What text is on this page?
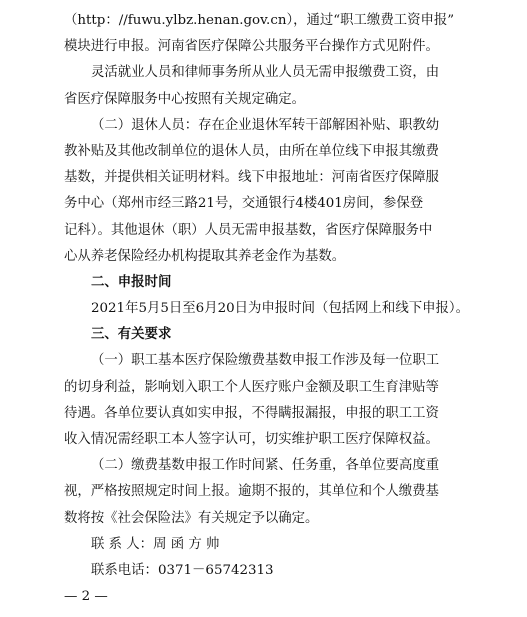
（http：//fuwu.ylbz.henan.gov.cn），通过“职工缴费工资申报”
模块进行申报。河南省医疗保障公共服务平台操作方式见附件。
灵活就业人员和律师事务所从业人员无需申报缴费工资，由
省医疗保障服务中心按照有关规定确定。
（二）退休人员：存在企业退休军转干部解困补贴、职教幼
教补贴及其他改制单位的退休人员，由所在单位线下申报其缴费
基数，并提供相关证明材料。线下申报地址：河南省医疗保障服
务中心（郑州市经三路21号，交通银行4楼401房间，参保登
记科）。其他退休（职）人员无需申报基数，省医疗保障服务中
心从养老保险经办机构提取其养老金作为基数。
二、申报时间
2021年5月5日至6月20日为申报时间（包括网上和线下申报）。
三、有关要求
（一）职工基本医疗保险缴费基数申报工作涉及每一位职工
的切身利益，影响划入职工个人医疗账户金额及职工生育津贴等
待遇。各单位要认真如实申报，不得瞒报漏报，申报的职工工资
收入情况需经职工本人签字认可，切实维护职工医疗保障权益。
（二）缴费基数申报工作时间紧、任务重，各单位要高度重
视，严格按照规定时间上报。逾期不报的，其单位和个人缴费基
数将按《社会保险法》有关规定予以确定。
联 系 人：周 函 方 帅
联系电话：0371－65742313
— 2 —
